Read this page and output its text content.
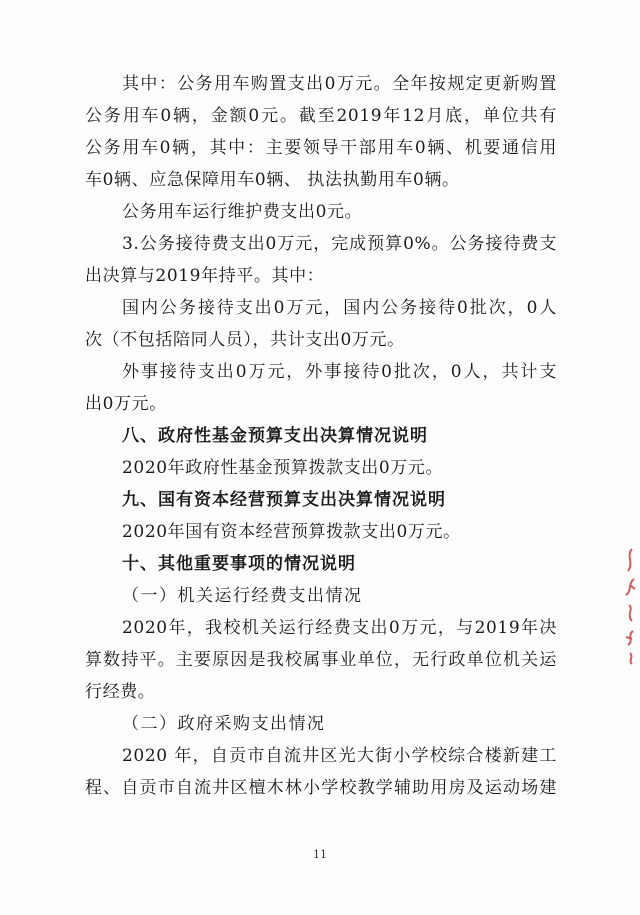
其中：公务用车购置支出0万元。全年按规定更新购置
公务用车0辆，金额0元。截至2019年12月底，单位共有
公务用车0辆，其中：主要领导干部用车0辆、机要通信用
车0辆、应急保障用车0辆、 执法执勤用车0辆。
公务用车运行维护费支出0元。
3.公务接待费支出0万元，完成预算0%。公务接待费支
出决算与2019年持平。其中：
国内公务接待支出0万元，国内公务接待0批次，0人
次（不包括陪同人员），共计支出0万元。
外事接待支出0万元，外事接待0批次，0人，共计支
出0万元。
八、政府性基金预算支出决算情况说明
2020年政府性基金预算拨款支出0万元。
九、国有资本经营预算支出决算情况说明
2020年国有资本经营预算拨款支出0万元。
十、其他重要事项的情况说明
（一）机关运行经费支出情况
2020年，我校机关运行经费支出0万元，与2019年决
算数持平。主要原因是我校属事业单位，无行政单位机关运
行经费。
（二）政府采购支出情况
2020 年，自贡市自流井区光大街小学校综合楼新建工
程、自贡市自流井区檀木林小学校教学辅助用房及运动场建
11
